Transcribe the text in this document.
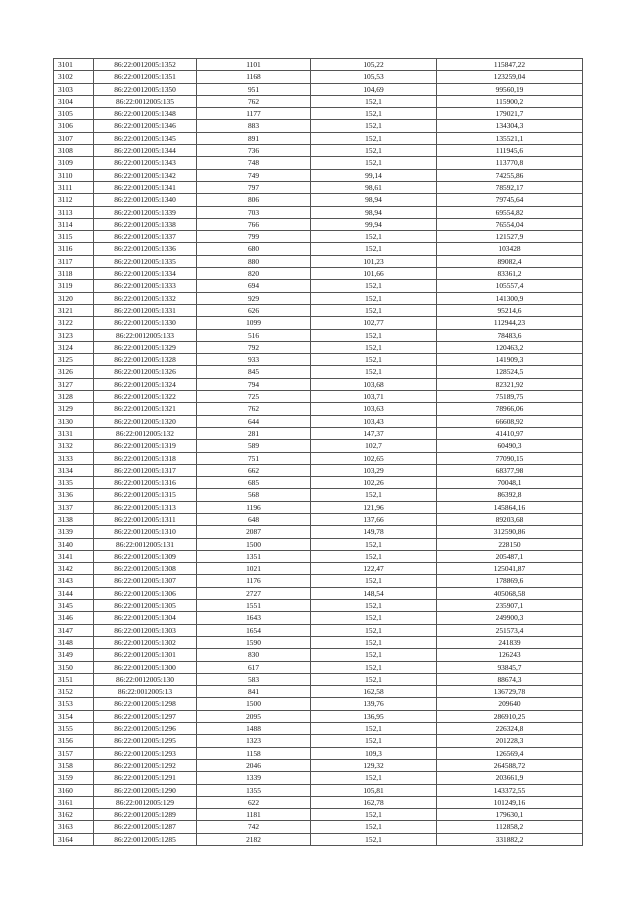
3101	86:22:0012005:1352	1101	105,22	115847,22
3102	86:22:0012005:1351	1168	105,53	123259,04
3103	86:22:0012005:1350	951	104,69	99560,19
3104	86:22:0012005:135	762	152,1	115900,2
3105	86:22:0012005:1348	1177	152,1	179021,7
3106	86:22:0012005:1346	883	152,1	134304,3
3107	86:22:0012005:1345	891	152,1	135521,1
3108	86:22:0012005:1344	736	152,1	111945,6
3109	86:22:0012005:1343	748	152,1	113770,8
3110	86:22:0012005:1342	749	99,14	74255,86
3111	86:22:0012005:1341	797	98,61	78592,17
3112	86:22:0012005:1340	806	98,94	79745,64
3113	86:22:0012005:1339	703	98,94	69554,82
3114	86:22:0012005:1338	766	99,94	76554,04
3115	86:22:0012005:1337	799	152,1	121527,9
3116	86:22:0012005:1336	680	152,1	103428
3117	86:22:0012005:1335	880	101,23	89082,4
3118	86:22:0012005:1334	820	101,66	83361,2
3119	86:22:0012005:1333	694	152,1	105557,4
3120	86:22:0012005:1332	929	152,1	141300,9
3121	86:22:0012005:1331	626	152,1	95214,6
3122	86:22:0012005:1330	1099	102,77	112944,23
3123	86:22:0012005:133	516	152,1	78483,6
3124	86:22:0012005:1329	792	152,1	120463,2
3125	86:22:0012005:1328	933	152,1	141909,3
3126	86:22:0012005:1326	845	152,1	128524,5
3127	86:22:0012005:1324	794	103,68	82321,92
3128	86:22:0012005:1322	725	103,71	75189,75
3129	86:22:0012005:1321	762	103,63	78966,06
3130	86:22:0012005:1320	644	103,43	66608,92
3131	86:22:0012005:132	281	147,37	41410,97
3132	86:22:0012005:1319	589	102,7	60490,3
3133	86:22:0012005:1318	751	102,65	77090,15
3134	86:22:0012005:1317	662	103,29	68377,98
3135	86:22:0012005:1316	685	102,26	70048,1
3136	86:22:0012005:1315	568	152,1	86392,8
3137	86:22:0012005:1313	1196	121,96	145864,16
3138	86:22:0012005:1311	648	137,66	89203,68
3139	86:22:0012005:1310	2087	149,78	312590,86
3140	86:22:0012005:131	1500	152,1	228150
3141	86:22:0012005:1309	1351	152,1	205487,1
3142	86:22:0012005:1308	1021	122,47	125041,87
3143	86:22:0012005:1307	1176	152,1	178869,6
3144	86:22:0012005:1306	2727	148,54	405068,58
3145	86:22:0012005:1305	1551	152,1	235907,1
3146	86:22:0012005:1304	1643	152,1	249900,3
3147	86:22:0012005:1303	1654	152,1	251573,4
3148	86:22:0012005:1302	1590	152,1	241839
3149	86:22:0012005:1301	830	152,1	126243
3150	86:22:0012005:1300	617	152,1	93845,7
3151	86:22:0012005:130	583	152,1	88674,3
3152	86:22:0012005:13	841	162,58	136729,78
3153	86:22:0012005:1298	1500	139,76	209640
3154	86:22:0012005:1297	2095	136,95	286910,25
3155	86:22:0012005:1296	1488	152,1	226324,8
3156	86:22:0012005:1295	1323	152,1	201228,3
3157	86:22:0012005:1293	1158	109,3	126569,4
3158	86:22:0012005:1292	2046	129,32	264588,72
3159	86:22:0012005:1291	1339	152,1	203661,9
3160	86:22:0012005:1290	1355	105,81	143372,55
3161	86:22:0012005:129	622	162,78	101249,16
3162	86:22:0012005:1289	1181	152,1	179630,1
3163	86:22:0012005:1287	742	152,1	112858,2
3164	86:22:0012005:1285	2182	152,1	331882,2
